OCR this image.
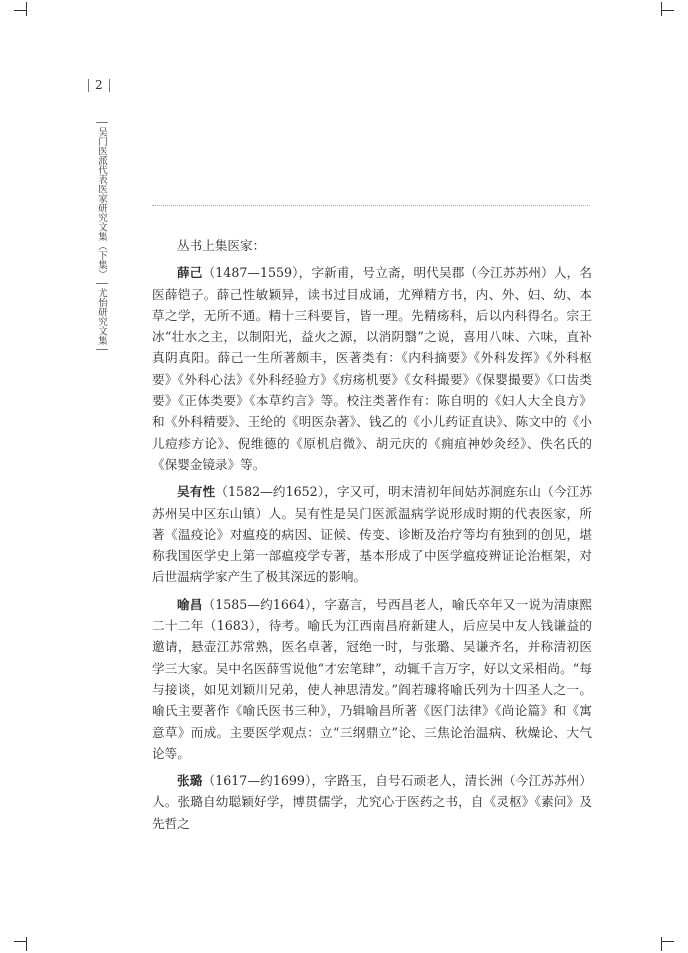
2
吴门医派代表医家研究文集（下集）
尤怡研究文集

丛书上集医家：

薛己（1487—1559），字新甫，号立斋，明代吴郡（今江苏苏州）人，名医薛铠子。薛己性敏颖异，读书过目成诵，尤殚精方书，内、外、妇、幼、本草之学，无所不通。精十三科要旨，皆一理。先精疡科，后以内科得名。宗王冰“壮水之主，以制阳光，益火之源，以消阴翳”之说，喜用八味、六味，直补真阴真阳。薛己一生所著颇丰，医著类有：《内科摘要》《外科发挥》《外科枢要》《外科心法》《外科经验方》《疠疡机要》《女科撮要》《保婴撮要》《口齿类要》《正体类要》《本草约言》等。校注类著作有：陈自明的《妇人大全良方》和《外科精要》、王纶的《明医杂著》、钱乙的《小儿药证直诀》、陈文中的《小儿痘疹方论》、倪维德的《原机启微》、胡元庆的《痈疽神妙灸经》、佚名氏的《保婴金镜录》等。

吴有性（1582—约1652），字又可，明末清初年间姑苏洞庭东山（今江苏苏州吴中区东山镇）人。吴有性是吴门医派温病学说形成时期的代表医家，所著《温疫论》对瘟疫的病因、证候、传变、诊断及治疗等均有独到的创见，堪称我国医学史上第一部瘟疫学专著，基本形成了中医学瘟疫辨证论治框架，对后世温病学家产生了极其深远的影响。

喻昌（1585—约1664），字嘉言，号西昌老人，喻氏卒年又一说为清康熙二十二年（1683），待考。喻氏为江西南昌府新建人，后应吴中友人钱谦益的邀请，悬壶江苏常熟，医名卓著，冠绝一时，与张璐、吴谦齐名，并称清初医学三大家。吴中名医薛雪说他“才宏笔肆”，动辄千言万字，好以文采相尚。“每与接谈，如见刘颖川兄弟，使人神思清发。”阎若璩将喻氏列为十四圣人之一。喻氏主要著作《喻氏医书三种》，乃辑喻昌所著《医门法律》《尚论篇》和《寓意草》而成。主要医学观点：立“三纲鼎立”论、三焦论治温病、秋燥论、大气论等。

张璐（1617—约1699），字路玉，自号石顽老人，清长洲（今江苏苏州）人。张璐自幼聪颖好学，博贯儒学，尤究心于医药之书，自《灵枢》《素问》及先哲之
